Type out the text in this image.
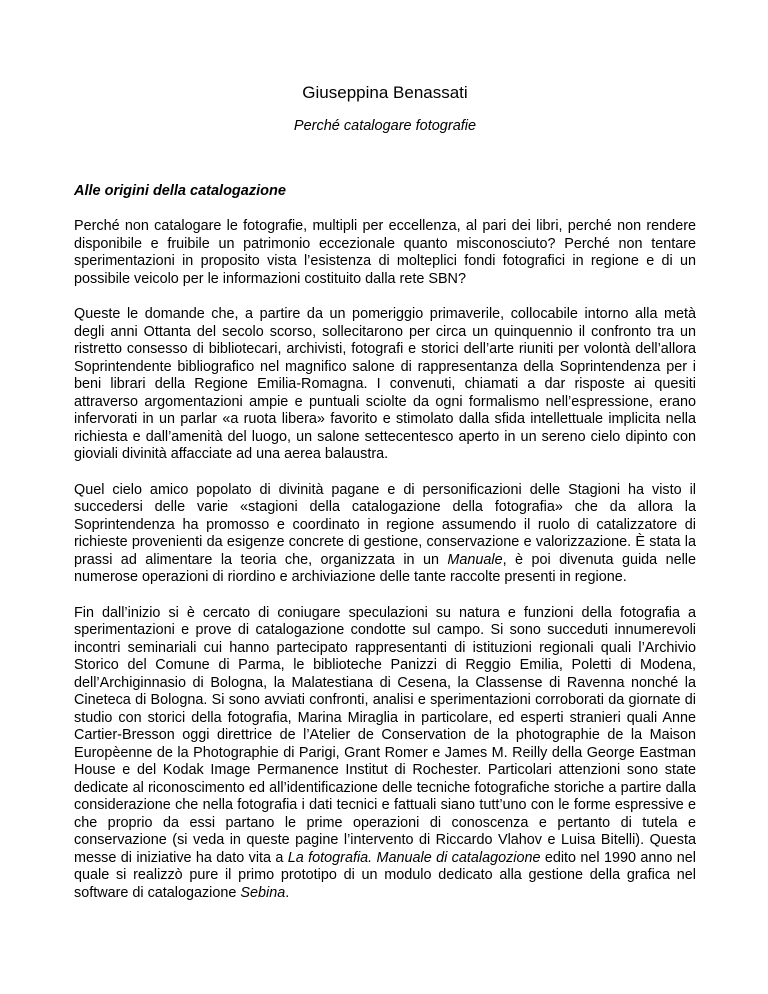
Giuseppina Benassati
Perché catalogare fotografie
Alle origini della catalogazione

Perché non catalogare le fotografie, multipli per eccellenza, al pari dei libri, perché non rendere disponibile e fruibile un patrimonio eccezionale quanto misconosciuto? Perché non tentare sperimentazioni in proposito vista l’esistenza di molteplici fondi fotografici in regione e di un possibile veicolo per le informazioni costituito dalla rete SBN?

Queste le domande che, a partire da un pomeriggio primaverile, collocabile intorno alla metà degli anni Ottanta del secolo scorso, sollecitarono per circa un quinquennio il confronto tra un ristretto consesso di bibliotecari, archivisti, fotografi e storici dell’arte riuniti per volontà dell’allora Soprintendente bibliografico nel magnifico salone di rappresentanza della Soprintendenza per i beni librari della Regione Emilia-Romagna. I convenuti, chiamati a dar risposte ai quesiti attraverso argomentazioni ampie e puntuali sciolte da ogni formalismo nell’espressione, erano infervorati in un parlar «a ruota libera» favorito e stimolato dalla sfida intellettuale implicita nella richiesta e dall’amenità del luogo, un salone settecentesco aperto in un sereno cielo dipinto con gioviali divinità affacciate ad una aerea balaustra.

Quel cielo amico popolato di divinità pagane e di personificazioni delle Stagioni ha visto il succedersi delle varie «stagioni della catalogazione della fotografia» che da allora la Soprintendenza ha promosso e coordinato in regione assumendo il ruolo di catalizzatore di richieste provenienti da esigenze concrete di gestione, conservazione e valorizzazione. È stata la prassi ad alimentare la teoria che, organizzata in un Manuale, è poi divenuta guida nelle numerose operazioni di riordino e archiviazione delle tante raccolte presenti in regione.

Fin dall’inizio si è cercato di coniugare speculazioni su natura e funzioni della fotografia a sperimentazioni e prove di catalogazione condotte sul campo. Si sono succeduti innumerevoli incontri seminariali cui hanno partecipato rappresentanti di istituzioni regionali quali l’Archivio Storico del Comune di Parma, le biblioteche Panizzi di Reggio Emilia, Poletti di Modena, dell’Archiginnasio di Bologna, la Malatestiana di Cesena, la Classense di Ravenna nonché la Cineteca di Bologna. Si sono avviati confronti, analisi e sperimentazioni corroborati da giornate di studio con storici della fotografia, Marina Miraglia in particolare, ed esperti stranieri quali Anne Cartier-Bresson oggi direttrice de l’Atelier de Conservation de la photographie de la Maison Europèenne de la Photographie di Parigi, Grant Romer e James M. Reilly della George Eastman House e del Kodak Image Permanence Institut di Rochester. Particolari attenzioni sono state dedicate al riconoscimento ed all’identificazione delle tecniche fotografiche storiche a partire dalla considerazione che nella fotografia i dati tecnici e fattuali siano tutt’uno con le forme espressive e che proprio da essi partano le prime operazioni di conoscenza e pertanto di tutela e conservazione (si veda in queste pagine l’intervento di Riccardo Vlahov e Luisa Bitelli). Questa messe di iniziative ha dato vita a La fotografia. Manuale di catalagozione edito nel 1990 anno nel quale si realizzò pure il primo prototipo di un modulo dedicato alla gestione della grafica nel software di catalogazione Sebina.
